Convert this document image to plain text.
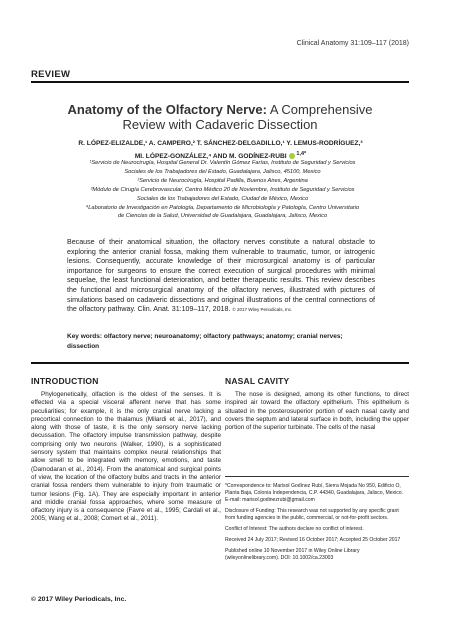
Clinical Anatomy 31:109–117 (2018)
REVIEW
Anatomy of the Olfactory Nerve: A Comprehensive
Review with Cadaveric Dissection
R. LÓPEZ-ELIZALDE,¹ A. CAMPERO,² T. SÁNCHEZ-DELGADILLO,¹ Y. LEMUS-RODRÍGUEZ,³
MI. LÓPEZ-GONZÁLEZ,⁴ AND M. GODÍNEZ-RUBI $^{1,4*}$
¹Servicio de Neurocirugía, Hospital General Dr. Valentín Gómez Farías, Instituto de Seguridad y Servicios
Sociales de los Trabajadores del Estado, Guadalajara, Jalisco, 45100, Mexico
²Servicio de Neurocirugía, Hospital Padilla, Buenos Aires, Argentina
³Módulo de Cirugía Cerebrovascular, Centro Médico 20 de Noviembre, Instituto de Seguridad y Servicios
Sociales de los Trabajadores del Estado, Ciudad de México, Mexico
⁴Laboratorio de Investigación en Patología, Departamento de Microbiología y Patología, Centro Universitario
de Ciencias de la Salud, Universidad de Guadalajara, Guadalajara, Jalisco, Mexico
Because of their anatomical situation, the olfactory nerves constitute a natural obstacle to exploring the anterior cranial fossa, making them vulnerable to traumatic, tumor, or iatrogenic lesions. Consequently, accurate knowledge of their microsurgical anatomy is of particular importance for surgeons to ensure the correct execution of surgical procedures with minimal sequelae, the least functional deterioration, and better therapeutic results. This review describes the functional and microsurgical anatomy of the olfactory nerves, illustrated with pictures of simulations based on cadaveric dissections and original illustrations of the central connections of the olfactory pathway. Clin. Anat. 31:109–117, 2018. © 2017 Wiley Periodicals, Inc.
Key words: olfactory nerve; neuroanatomy; olfactory pathways; anatomy; cranial nerves; dissection
INTRODUCTION

Phylogenetically, olfaction is the oldest of the senses. It is effected via a special visceral afferent nerve that has some peculiarities; for example, it is the only cranial nerve lacking a precortical connection to the thalamus (Milardi et al., 2017), and along with those of taste, it is the only sensory nerve lacking decussation. The olfactory impulse transmission pathway, despite comprising only two neurons (Walker, 1990), is a sophisticated sensory system that maintains complex neural relationships that allow smell to be integrated with memory, emotions, and taste (Damodaran et al., 2014). From the anatomical and surgical points of view, the location of the olfactory bulbs and tracts in the anterior cranial fossa renders them vulnerable to injury from traumatic or tumor lesions (Fig. 1A). They are especially important in anterior and middle cranial fossa approaches, where some measure of olfactory injury is a consequence (Favre et al., 1995; Cardali et al., 2005; Wang et al., 2008; Comert et al., 2011).

NASAL CAVITY

The nose is designed, among its other functions, to direct inspired air toward the olfactory epithelium. This epithelium is situated in the posterosuperior portion of each nasal cavity and covers the septum and lateral surface in both, including the upper portion of the superior turbinate. The cells of the nasal

*Correspondence to: Marisol Godínez Rubí, Sierra Mojada No 950, Edificio O, Planta Baja, Colonia Independencia, C.P. 44340, Guadalajara, Jalisco, Mexico. E-mail: marisol.godinezrubi@gmail.com

Disclosure of Funding: This research was not supported by any specific grant from funding agencies in the public, commercial, or not-for-profit sectors.

Conflict of Interest: The authors declare no conflict of interest.

Received 24 July 2017; Revised 16 October 2017; Accepted 25 October 2017

Published online 10 November 2017 in Wiley Online Library (wileyonlinelibrary.com). DOI: 10.1002/ca.23003

© 2017 Wiley Periodicals, Inc.
